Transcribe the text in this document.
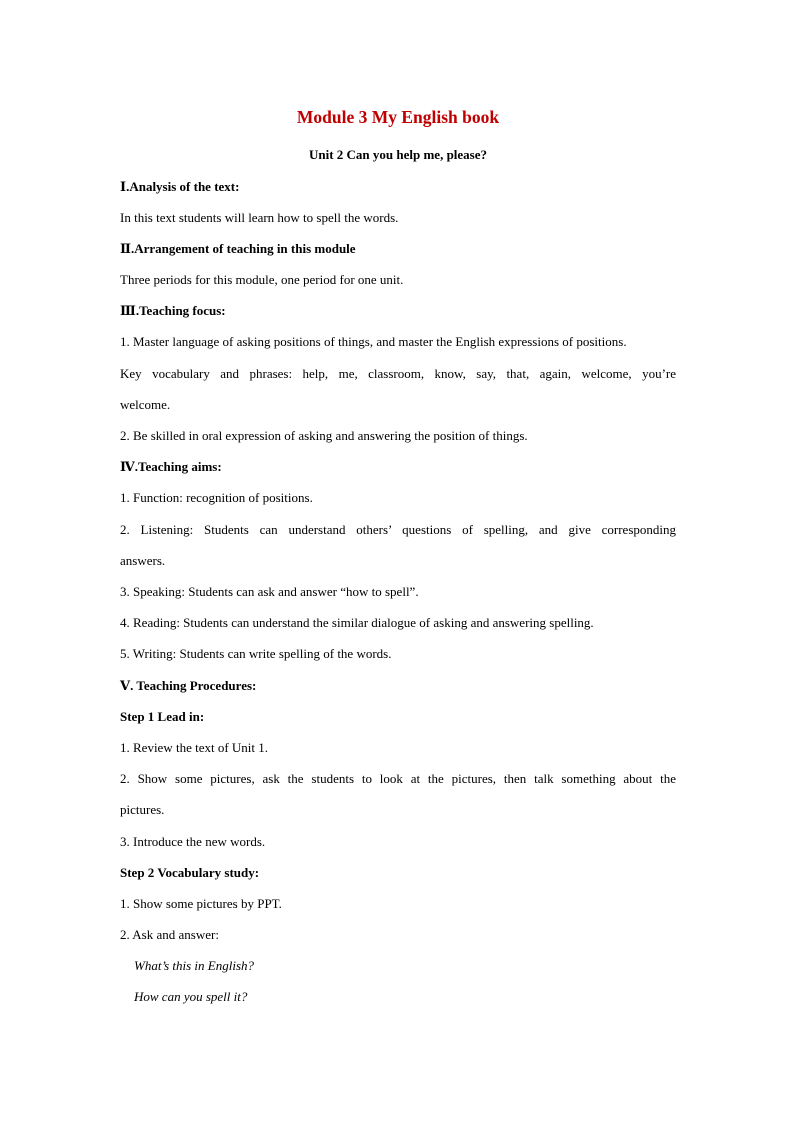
Module 3 My English book
Unit 2 Can you help me, please?
Ⅰ.Analysis of the text:
In this text students will learn how to spell the words.
Ⅱ.Arrangement of teaching in this module
Three periods for this module, one period for one unit.
Ⅲ.Teaching focus:
1. Master language of asking positions of things, and master the English expressions of positions.
Key vocabulary and phrases: help, me, classroom, know, say, that, again, welcome, you’re
welcome.
2. Be skilled in oral expression of asking and answering the position of things.
Ⅳ.Teaching aims:
1. Function: recognition of positions.
2. Listening: Students can understand others’ questions of spelling, and give corresponding
answers.
3. Speaking: Students can ask and answer “how to spell”.
4. Reading: Students can understand the similar dialogue of asking and answering spelling.
5. Writing: Students can write spelling of the words.
Ⅴ. Teaching Procedures:
Step 1 Lead in:
1. Review the text of Unit 1.
2. Show some pictures, ask the students to look at the pictures, then talk something about the
pictures.
3. Introduce the new words.
Step 2 Vocabulary study:
1. Show some pictures by PPT.
2. Ask and answer:
What’s this in English?
How can you spell it?
